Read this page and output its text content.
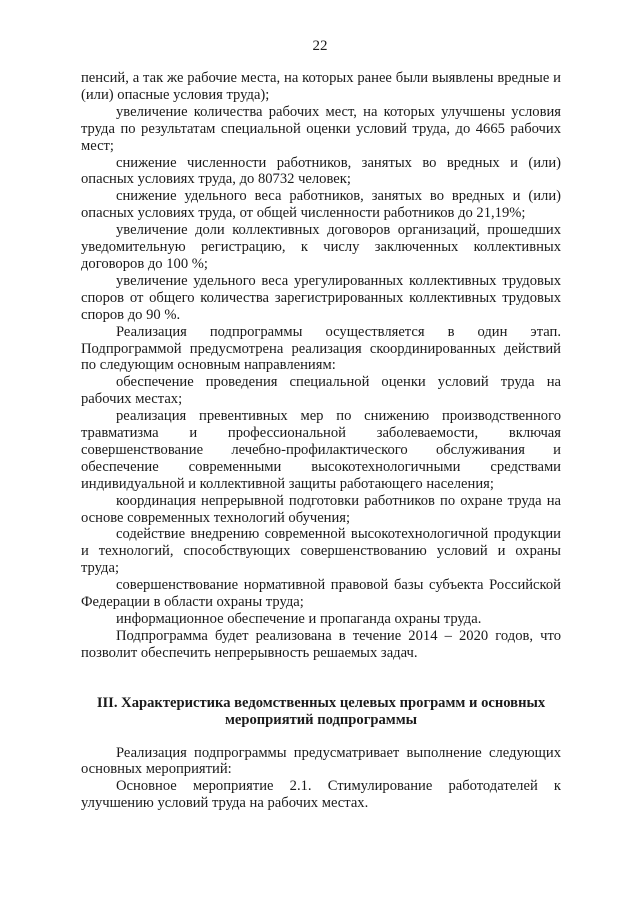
22

пенсий, а так же рабочие места, на которых ранее были выявлены вредные и (или) опасные условия труда);

увеличение количества рабочих мест, на которых улучшены условия труда по результатам специальной оценки условий труда, до 4665 рабочих мест;

снижение численности работников, занятых во вредных и (или) опасных условиях труда, до 80732 человек;

снижение удельного веса работников, занятых во вредных и (или) опасных условиях труда, от общей численности работников до 21,19%;

увеличение доли коллективных договоров организаций, прошедших уведомительную регистрацию, к числу заключенных коллективных договоров до 100 %;

увеличение удельного веса урегулированных коллективных трудовых споров от общего количества зарегистрированных коллективных трудовых споров до 90 %.

Реализация подпрограммы осуществляется в один этап. Подпрограммой предусмотрена реализация скоординированных действий по следующим основным направлениям:

обеспечение проведения специальной оценки условий труда на рабочих местах;

реализация превентивных мер по снижению производственного травматизма и профессиональной заболеваемости, включая совершенствование лечебно-профилактического обслуживания и обеспечение современными высокотехнологичными средствами индивидуальной и коллективной защиты работающего населения;

координация непрерывной подготовки работников по охране труда на основе современных технологий обучения;

содействие внедрению современной высокотехнологичной продукции и технологий, способствующих совершенствованию условий и охраны труда;

совершенствование нормативной правовой базы субъекта Российской Федерации в области охраны труда;

информационное обеспечение и пропаганда охраны труда.

Подпрограмма будет реализована в течение 2014 – 2020 годов, что позволит обеспечить непрерывность решаемых задач.

III. Характеристика ведомственных целевых программ и основных
мероприятий подпрограммы

Реализация подпрограммы предусматривает выполнение следующих основных мероприятий:

Основное мероприятие 2.1. Стимулирование работодателей к улучшению условий труда на рабочих местах.
